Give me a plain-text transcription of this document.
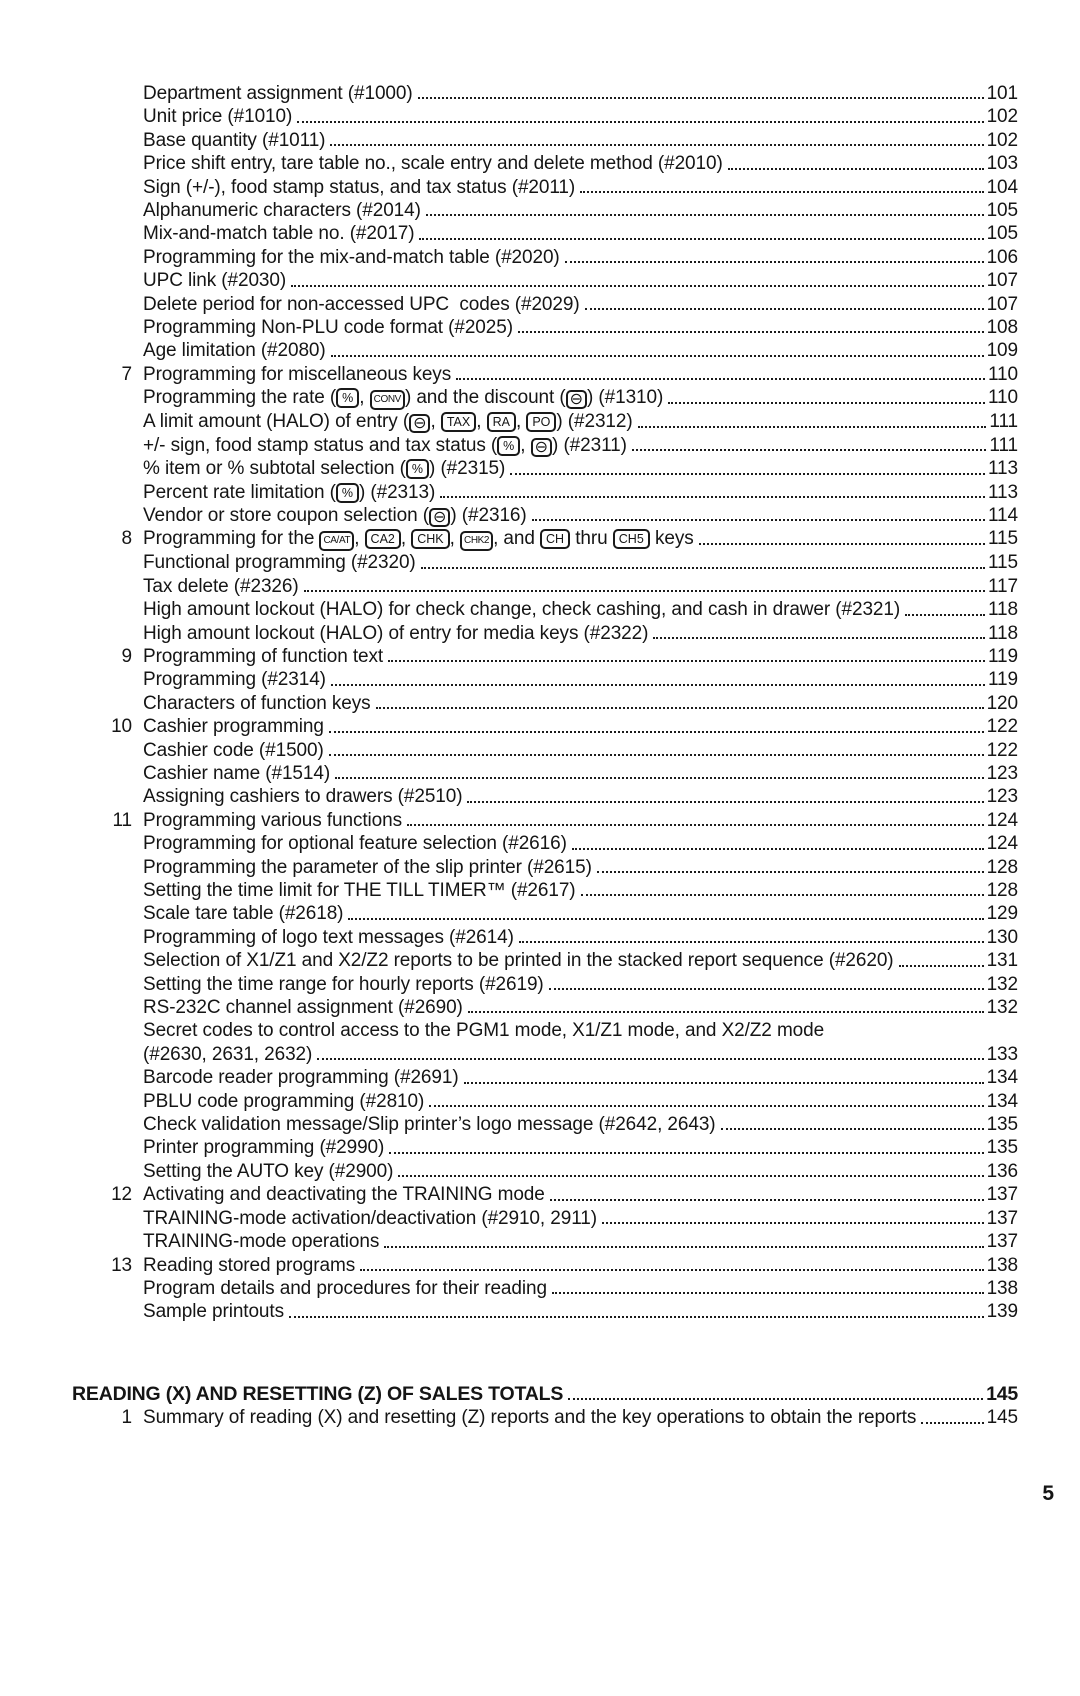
Department assignment (#1000)	101
Unit price (#1010)	102
Base quantity (#1011)	102
Price shift entry, tare table no., scale entry and delete method (#2010)	103
Sign (+/-), food stamp status, and tax status (#2011)	104
Alphanumeric characters (#2014)	105
Mix-and-match table no. (#2017)	105
Programming for the mix-and-match table (#2020)	106
UPC link (#2030)	107
Delete period for non-accessed UPC  codes (#2029)	107
Programming Non-PLU code format (#2025)	108
Age limitation (#2080)	109
7 Programming for miscellaneous keys	110
Programming the rate ( % , CONV ) and the discount ( ⊖ ) (#1310)	110
A limit amount (HALO) of entry ( ⊖ , TAX , RA , PO ) (#2312)	111
+/- sign, food stamp status and tax status ( % , ⊖ ) (#2311)	111
% item or % subtotal selection ( % ) (#2315)	113
Percent rate limitation ( % ) (#2313)	113
Vendor or store coupon selection ( ⊖ ) (#2316)	114
8 Programming for the CA/AT , CA2 , CHK , CHK2 , and CH thru CH5 keys	115
Functional programming (#2320)	115
Tax delete (#2326)	117
High amount lockout (HALO) for check change, check cashing, and cash in drawer (#2321)	118
High amount lockout (HALO) of entry for media keys (#2322)	118
9 Programming of function text	119
Programming (#2314)	119
Characters of function keys	120
10 Cashier programming	122
Cashier code (#1500)	122
Cashier name (#1514)	123
Assigning cashiers to drawers (#2510)	123
11 Programming various functions	124
Programming for optional feature selection (#2616)	124
Programming the parameter of the slip printer (#2615)	128
Setting the time limit for THE TILL TIMER™ (#2617)	128
Scale tare table (#2618)	129
Programming of logo text messages (#2614)	130
Selection of X1/Z1 and X2/Z2 reports to be printed in the stacked report sequence (#2620)	131
Setting the time range for hourly reports (#2619)	132
RS-232C channel assignment (#2690)	132
Secret codes to control access to the PGM1 mode, X1/Z1 mode, and X2/Z2 mode
(#2630, 2631, 2632)	133
Barcode reader programming (#2691)	134
PBLU code programming (#2810)	134
Check validation message/Slip printer’s logo message (#2642, 2643)	135
Printer programming (#2990)	135
Setting the AUTO key (#2900)	136
12 Activating and deactivating the TRAINING mode	137
TRAINING-mode activation/deactivation (#2910, 2911)	137
TRAINING-mode operations	137
13 Reading stored programs	138
Program details and procedures for their reading	138
Sample printouts	139
READING (X) AND RESETTING (Z) OF SALES TOTALS	145
1 Summary of reading (X) and resetting (Z) reports and the key operations to obtain the reports	145
5
